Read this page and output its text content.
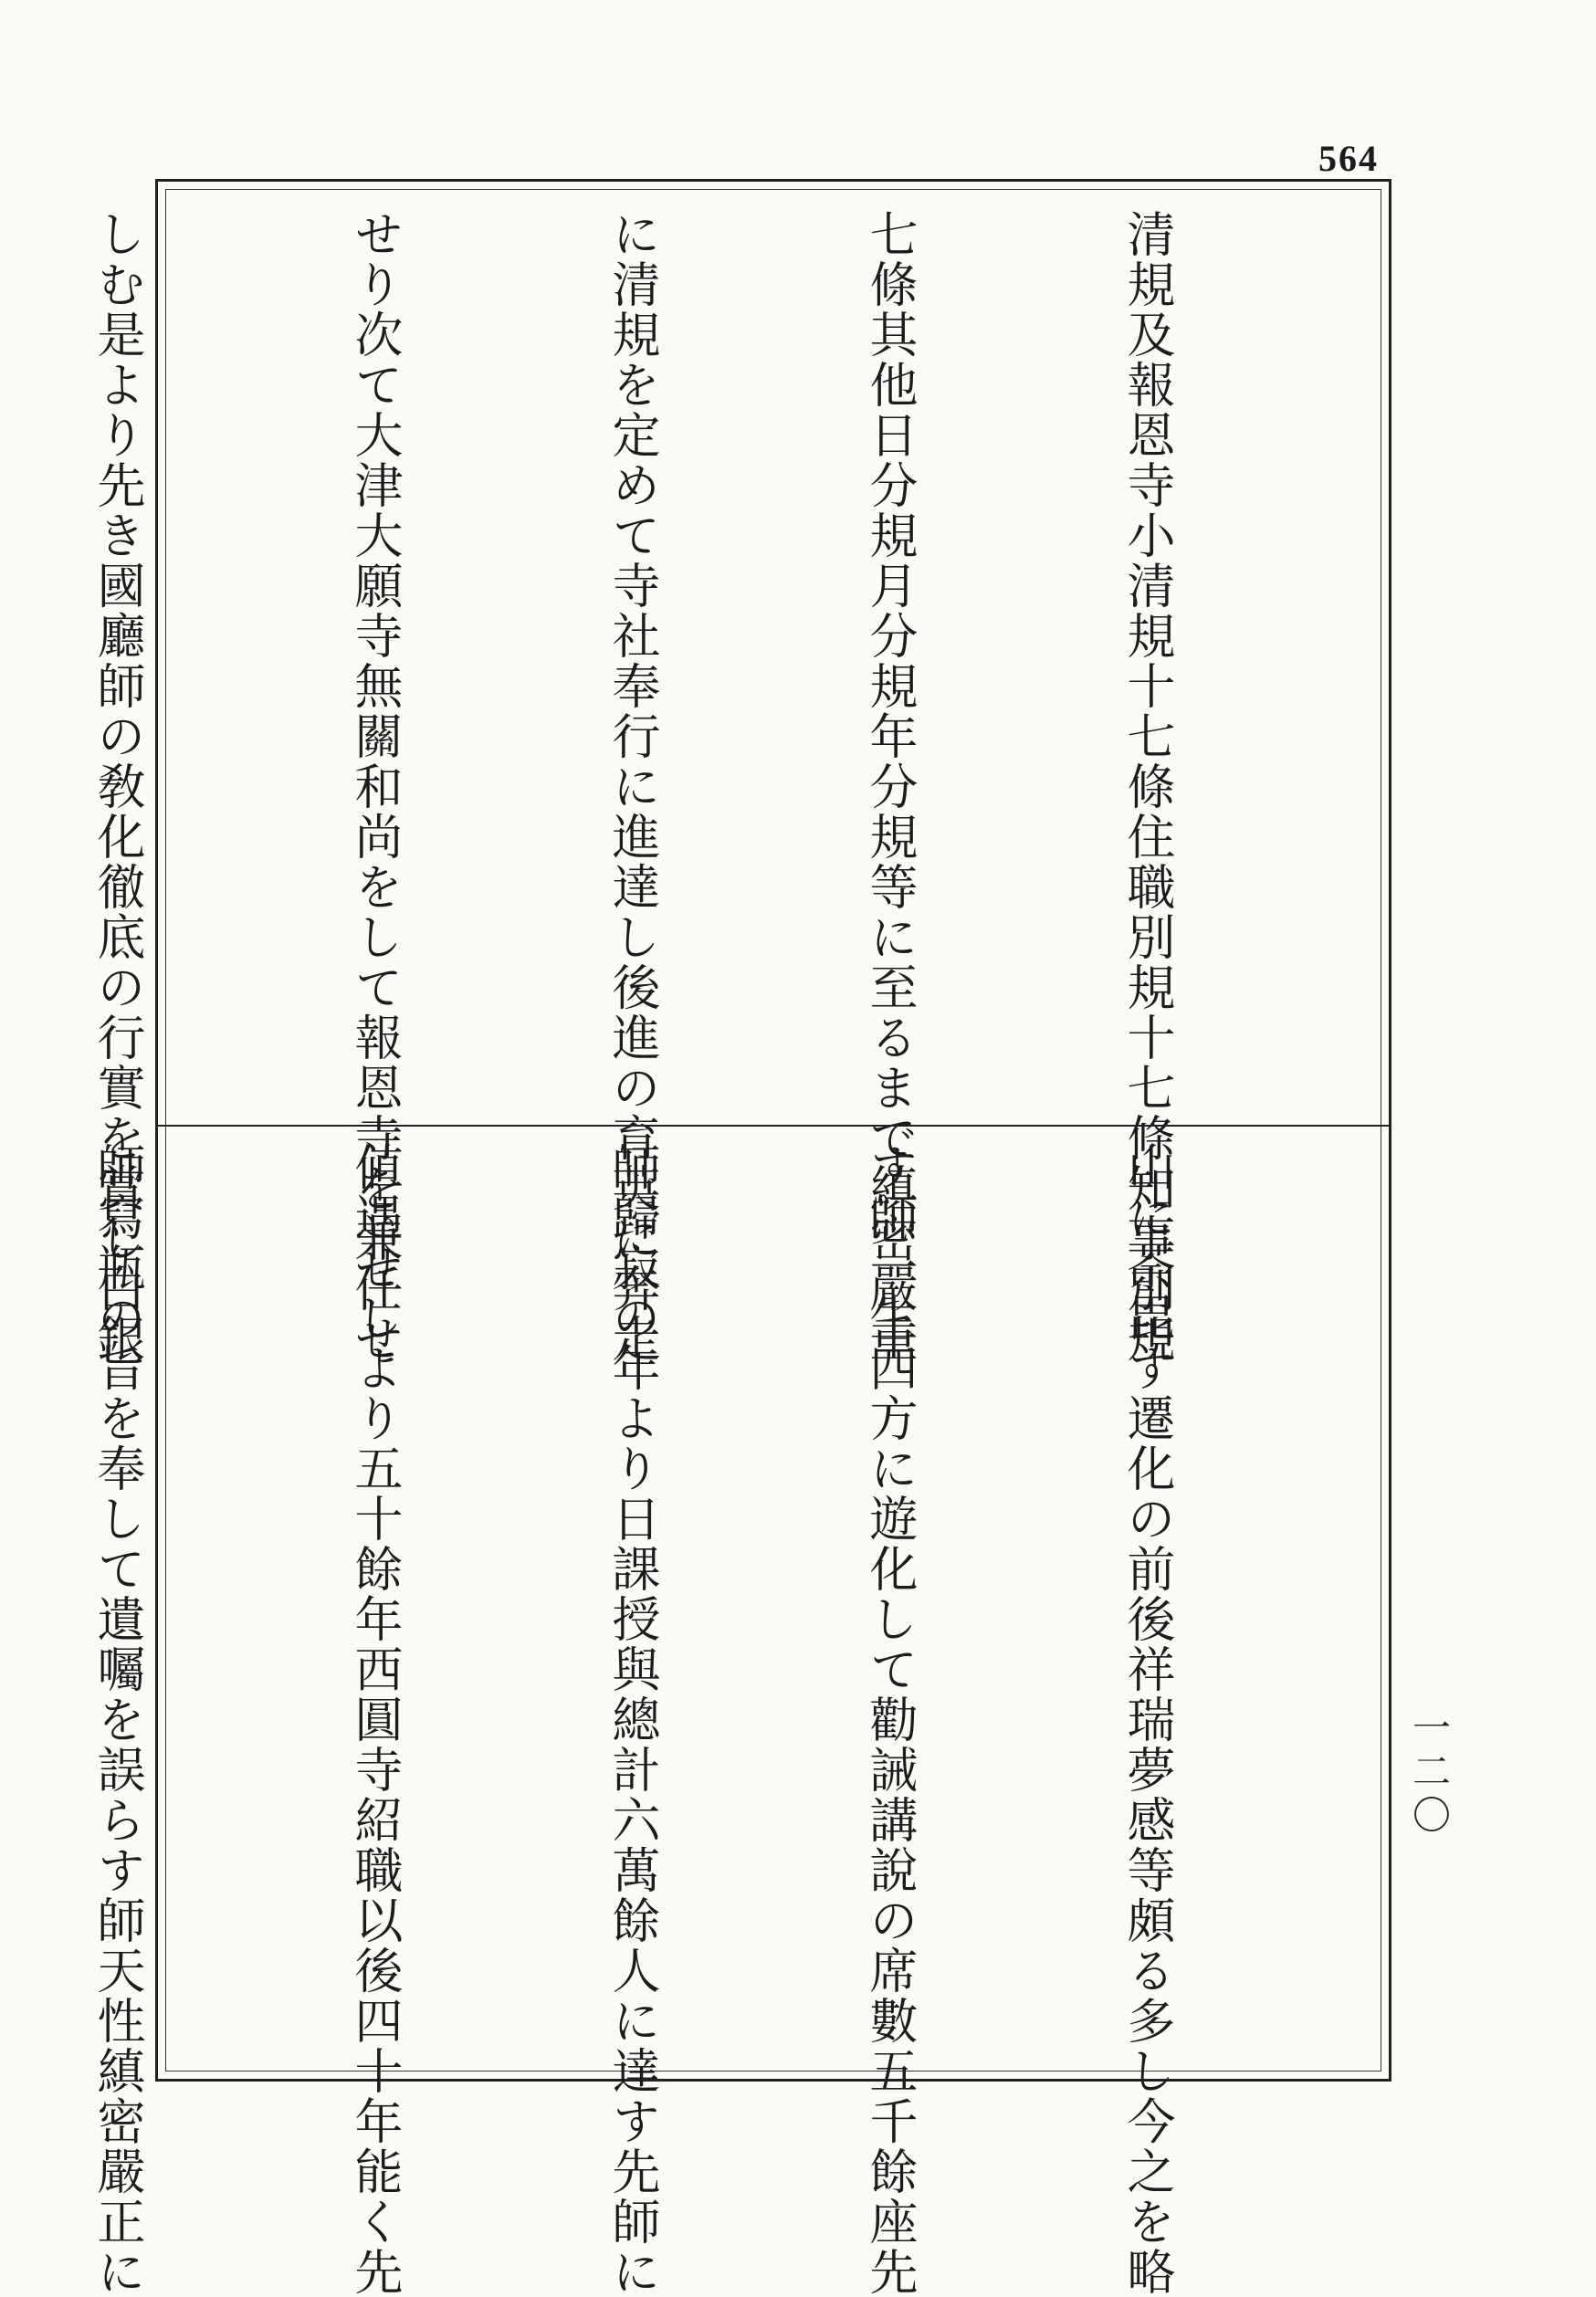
564

清規及報恩寺小清規十七條住職別規十七條知事別規

七條其他日分規月分規年分規等に至るまで縝密嚴重

に清規を定めて寺社奉行に進達し後進の育英に奔走

せり次て大津大願寺無關和尚をして報恩寺を兼任せ

しむ是より先き國廳師の敎化徹底の行實を賞し白銀

山に荼毘す遷化の前後祥瑞夢感等頗る多し今之を略

す師一生四方に遊化して勸誡講說の席數五千餘座先

師歸寂の年より日課授與總計六萬餘人に達す先師に

値遇せしより五十餘年西圓寺紹職以後四十年能く先

師寫瓶の旨を奉して遺囑を誤らす師天性縝密嚴正に

	一二〇
